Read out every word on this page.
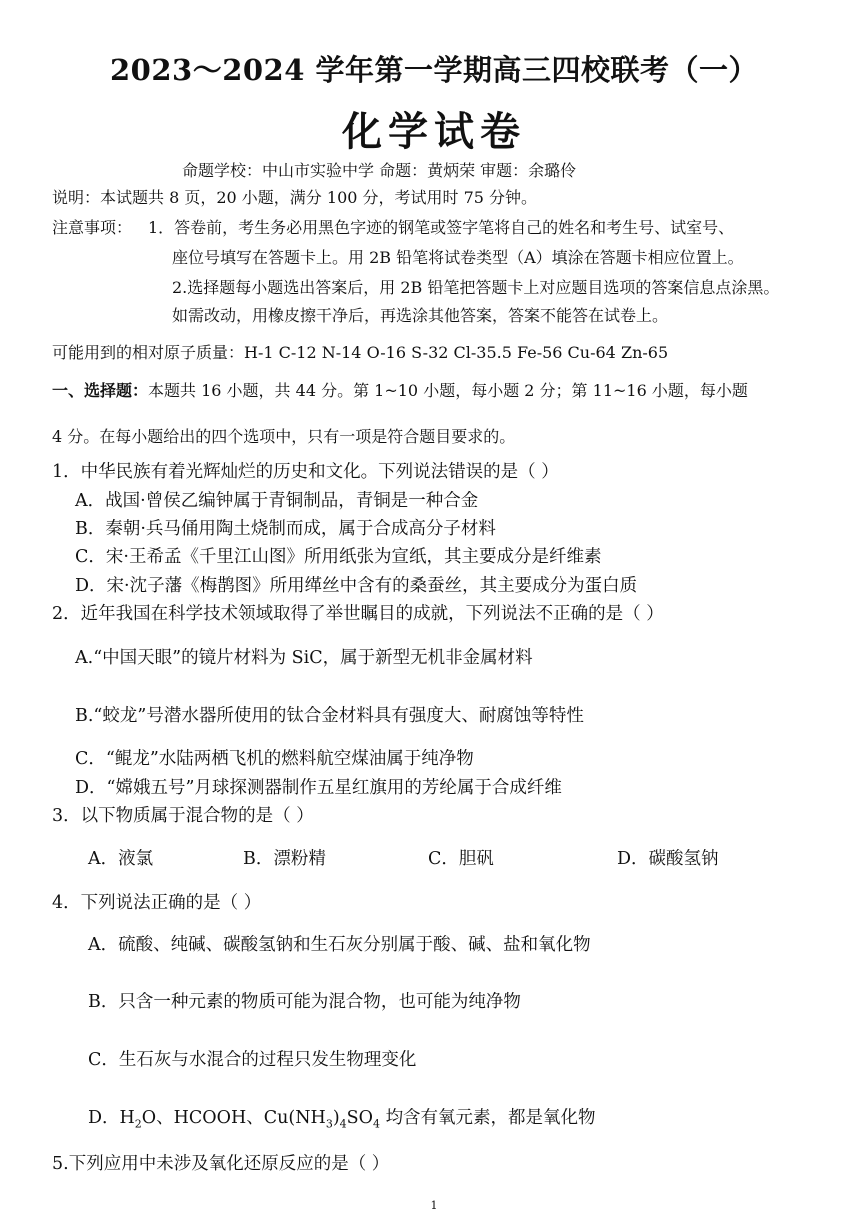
2023～2024 学年第一学期高三四校联考（一）
化学试卷
命题学校：中山市实验中学 命题：黄炳荣 审题：余璐伶
说明：本试题共 8 页，20 小题，满分 100 分，考试用时 75 分钟。
注意事项： 1．答卷前，考生务必用黑色字迹的钢笔或签字笔将自己的姓名和考生号、试室号、
座位号填写在答题卡上。用 2B 铅笔将试卷类型（A）填涂在答题卡相应位置上。
2.选择题每小题选出答案后，用 2B 铅笔把答题卡上对应题目选项的答案信息点涂黑。
如需改动，用橡皮擦干净后，再选涂其他答案，答案不能答在试卷上。
可能用到的相对原子质量：H-1 C-12 N-14 O-16 S-32 Cl-35.5 Fe-56 Cu-64 Zn-65
一、选择题：本题共 16 小题，共 44 分。第 1~10 小题，每小题 2 分；第 11~16 小题，每小题
4 分。在每小题给出的四个选项中，只有一项是符合题目要求的。
1．中华民族有着光辉灿烂的历史和文化。下列说法错误的是（ ）
A．战国·曾侯乙编钟属于青铜制品，青铜是一种合金
B．秦朝·兵马俑用陶土烧制而成，属于合成高分子材料
C．宋·王希孟《千里江山图》所用纸张为宣纸，其主要成分是纤维素
D．宋·沈子藩《梅鹊图》所用缂丝中含有的桑蚕丝，其主要成分为蛋白质
2．近年我国在科学技术领域取得了举世瞩目的成就，下列说法不正确的是（ ）
A.“中国天眼”的镜片材料为 SiC，属于新型无机非金属材料
B.“蛟龙”号潜水器所使用的钛合金材料具有强度大、耐腐蚀等特性
C．“鲲龙”水陆两栖飞机的燃料航空煤油属于纯净物
D．“嫦娥五号”月球探测器制作五星红旗用的芳纶属于合成纤维
3．以下物质属于混合物的是（ ）
A．液氯	B．漂粉精	C．胆矾	D．碳酸氢钠
4．下列说法正确的是（ ）
A．硫酸、纯碱、碳酸氢钠和生石灰分别属于酸、碱、盐和氧化物
B．只含一种元素的物质可能为混合物，也可能为纯净物
C．生石灰与水混合的过程只发生物理变化
D．$H_2O$、HCOOH、$Cu(NH_3)_4SO_4$ 均含有氧元素，都是氧化物
5.下列应用中未涉及氧化还原反应的是（ ）
1
